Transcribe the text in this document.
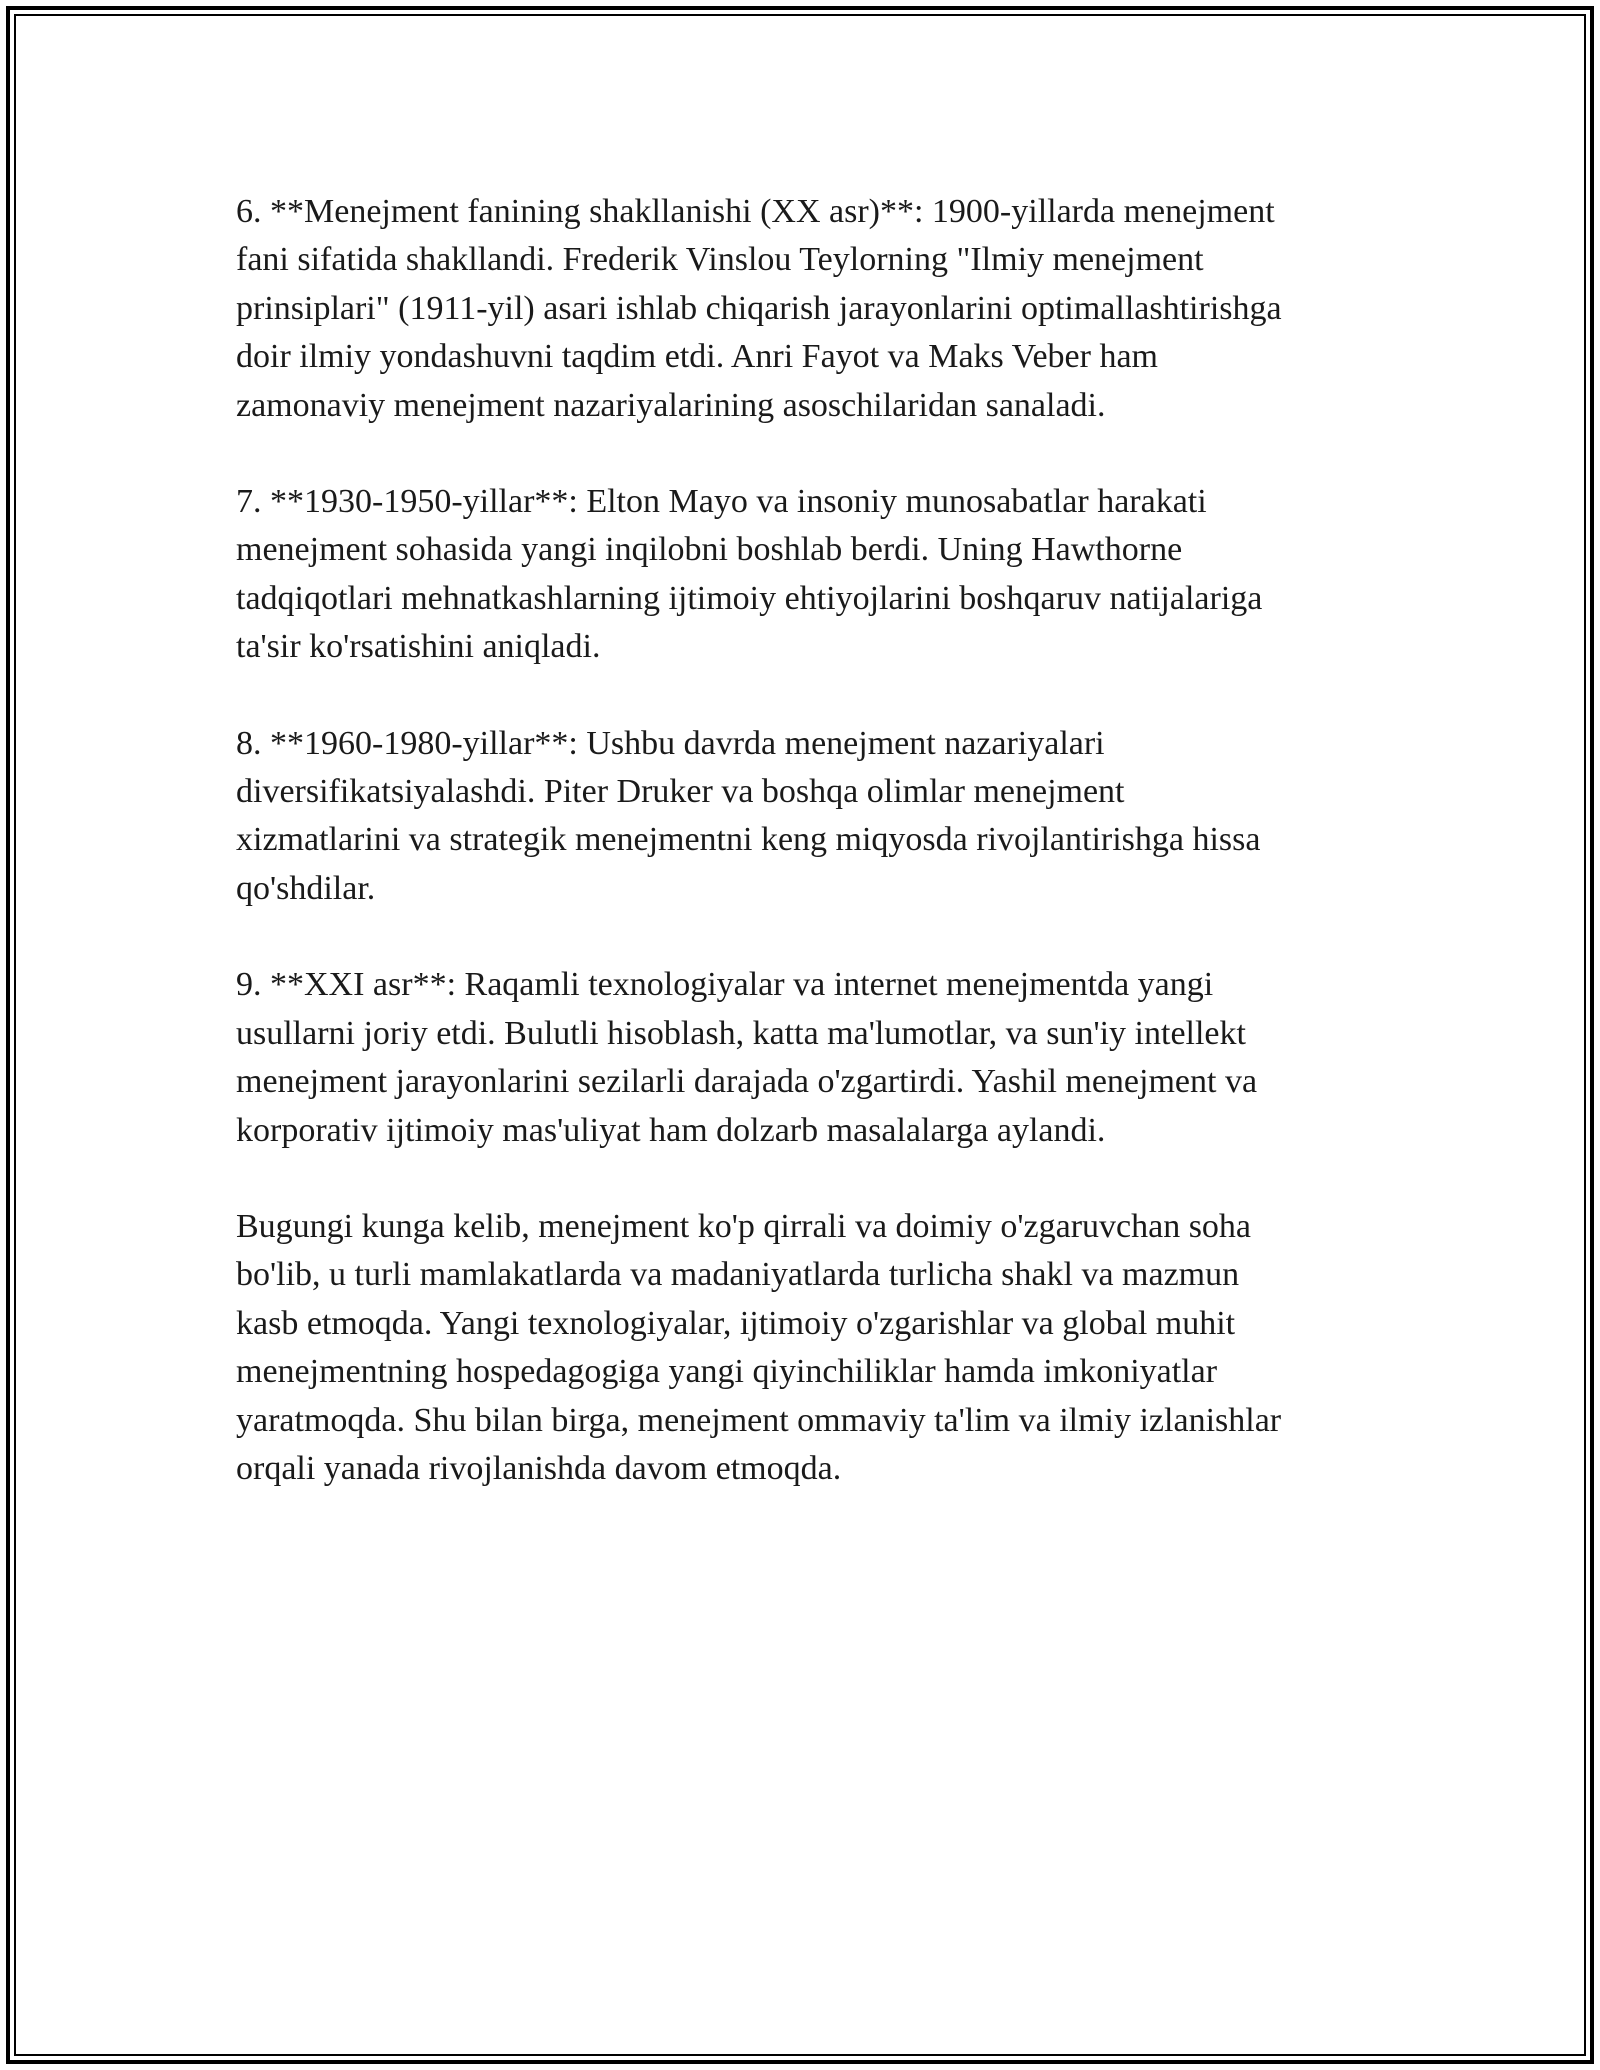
6. **Menejment fanining shakllanishi (XX asr)**: 1900-yillarda menejment
fani sifatida shakllandi. Frederik Vinslou Teylorning "Ilmiy menejment
prinsiplari" (1911-yil) asari ishlab chiqarish jarayonlarini optimallashtirishga
doir ilmiy yondashuvni taqdim etdi. Anri Fayot va Maks Veber ham
zamonaviy menejment nazariyalarining asoschilaridan sanaladi.

7. **1930-1950-yillar**: Elton Mayo va insoniy munosabatlar harakati
menejment sohasida yangi inqilobni boshlab berdi. Uning Hawthorne
tadqiqotlari mehnatkashlarning ijtimoiy ehtiyojlarini boshqaruv natijalariga
ta'sir ko'rsatishini aniqladi.

8. **1960-1980-yillar**: Ushbu davrda menejment nazariyalari
diversifikatsiyalashdi. Piter Druker va boshqa olimlar menejment
xizmatlarini va strategik menejmentni keng miqyosda rivojlantirishga hissa
qo'shdilar.

9. **XXI asr**: Raqamli texnologiyalar va internet menejmentda yangi
usullarni joriy etdi. Bulutli hisoblash, katta ma'lumotlar, va sun'iy intellekt
menejment jarayonlarini sezilarli darajada o'zgartirdi. Yashil menejment va
korporativ ijtimoiy mas'uliyat ham dolzarb masalalarga aylandi.

Bugungi kunga kelib, menejment ko'p qirrali va doimiy o'zgaruvchan soha
bo'lib, u turli mamlakatlarda va madaniyatlarda turlicha shakl va mazmun
kasb etmoqda. Yangi texnologiyalar, ijtimoiy o'zgarishlar va global muhit
menejmentning hospedagogiga yangi qiyinchiliklar hamda imkoniyatlar
yaratmoqda. Shu bilan birga, menejment ommaviy ta'lim va ilmiy izlanishlar
orqali yanada rivojlanishda davom etmoqda.
